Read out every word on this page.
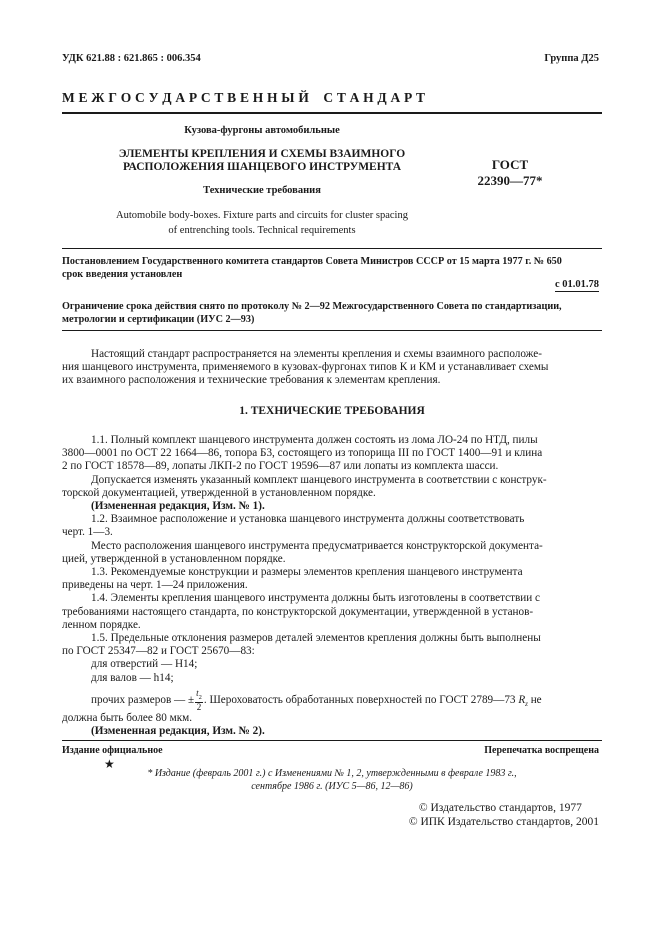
УДК 621.88 : 621.865 : 006.354	Группа Д25
М Е Ж Г О С У Д А Р С Т В Е Н Н Ы Й    С Т А Н Д А Р Т
Кузова-фургоны автомобильные
ЭЛЕМЕНТЫ КРЕПЛЕНИЯ И СХЕМЫ ВЗАИМНОГО
РАСПОЛОЖЕНИЯ ШАНЦЕВОГО ИНСТРУМЕНТА
Технические требования
Automobile body-boxes. Fixture parts and circuits for cluster spacing
of entrenching tools. Technical requirements
ГОСТ
22390—77*
Постановлением Государственного комитета стандартов Совета Министров СССР от 15 марта 1977 г. № 650
срок введения установлен
с 01.01.78
Ограничение срока действия снято по протоколу № 2—92 Межгосударственного Совета по стандартизации,
метрологии и сертификации (ИУС 2—93)
Настоящий стандарт распространяется на элементы крепления и схемы взаимного расположе-
ния шанцевого инструмента, применяемого в кузовах-фургонах типов К и КМ и устанавливает схемы
их взаимного расположения и технические требования к элементам крепления.
1. ТЕХНИЧЕСКИЕ ТРЕБОВАНИЯ
1.1. Полный комплект шанцевого инструмента должен состоять из лома ЛО-24 по НТД, пилы
3800—0001 по ОСТ 22 1664—86, топора Б3, состоящего из топорища III по ГОСТ 1400—91 и клина
2 по ГОСТ 18578—89, лопаты ЛКП-2 по ГОСТ 19596—87 или лопаты из комплекта шасси.
Допускается изменять указанный комплект шанцевого инструмента в соответствии с конструк-
торской документацией, утвержденной в установленном порядке.
(Измененная редакция, Изм. № 1).
1.2. Взаимное расположение и установка шанцевого инструмента должны соответствовать
черт. 1—3.
Место расположения шанцевого инструмента предусматривается конструкторской документа-
цией, утвержденной в установленном порядке.
1.3. Рекомендуемые конструкции и размеры элементов крепления шанцевого инструмента
приведены на черт. 1—24 приложения.
1.4. Элементы крепления шанцевого инструмента должны быть изготовлены в соответствии с
требованиями настоящего стандарта, по конструкторской документации, утвержденной в установ-
ленном порядке.
1.5. Предельные отклонения размеров деталей элементов крепления должны быть выполнены
по ГОСТ 25347—82 и ГОСТ 25670—83:
для отверстий — Н14;
для валов — h14;
прочих размеров — ± $\frac{t_2}{2}$ . Шероховатость обработанных поверхностей по ГОСТ 2789—73 $R_z$ не
должна быть более 80 мкм.
(Измененная редакция, Изм. № 2).
Издание официальное	Перепечатка воспрещена
★
* Издание (февраль 2001 г.) с Изменениями № 1, 2, утвержденными в феврале 1983 г.,
сентябре 1986 г. (ИУС 5—86, 12—86)
© Издательство стандартов, 1977
© ИПК Издательство стандартов, 2001
